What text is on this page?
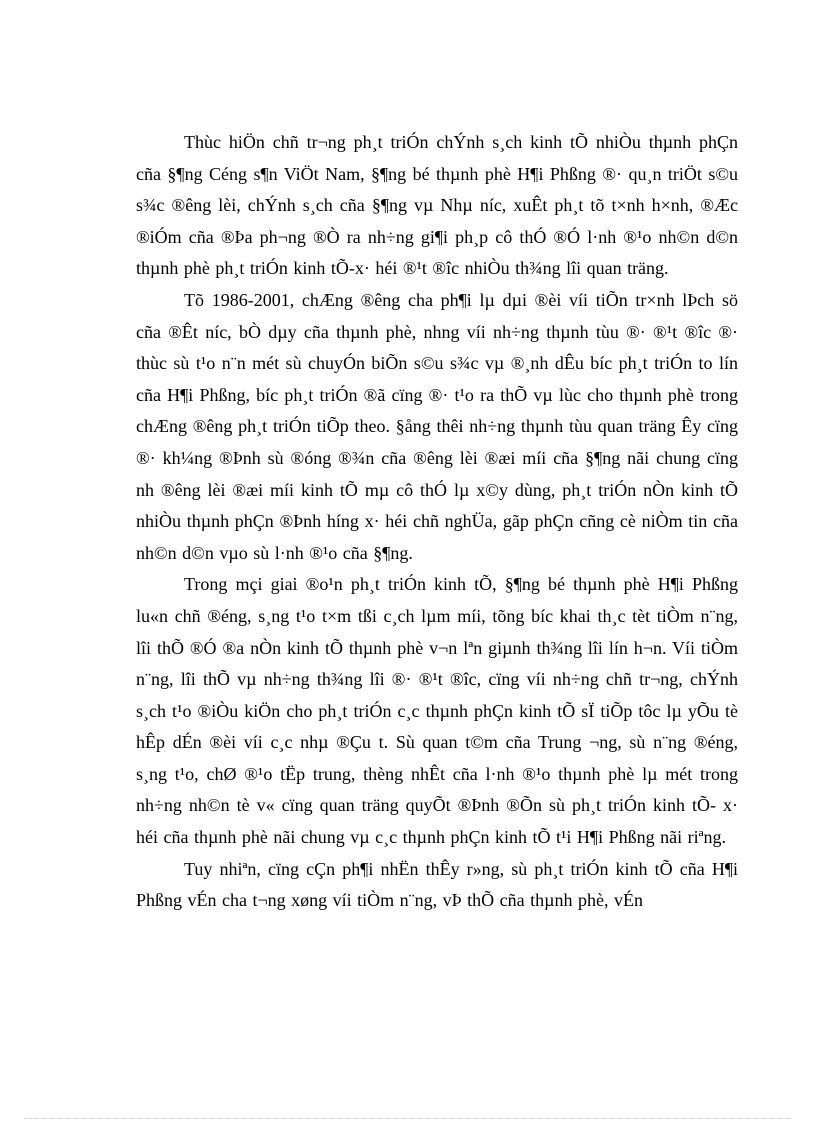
Thùc hiÖn chñ tr¬ng ph¸t triÓn chÝnh s¸ch kinh tÕ nhiÒu thµnh phÇn cña §¶ng Céng s¶n ViÖt Nam, §¶ng bé thµnh phè H¶i Phßng ®· qu¸n triÖt s©u s¾c ®êng lèi, chÝnh s¸ch cña §¶ng vµ Nhµ níc, xuÊt ph¸t tõ t×nh h×nh, ®Æc ®iÓm cña ®Þa ph¬ng ®Ò ra nh÷ng gi¶i ph¸p cô thÓ ®Ó l·nh ®¹o nh©n d©n thµnh phè ph¸t triÓn kinh tÕ-x· héi ®¹t ®îc nhiÒu th¾ng lîi quan träng.

Tõ 1986-2001, chÆng ®êng cha ph¶i lµ dµi ®èi víi tiÕn tr×nh lÞch sö cña ®Êt níc, bÒ dµy cña thµnh phè, nhng víi nh÷ng thµnh tùu ®· ®¹t ®îc ®· thùc sù t¹o n¨n mét sù chuyÓn biÕn s©u s¾c vµ ®¸nh dÊu bíc ph¸t triÓn to lín cña H¶i Phßng, bíc ph¸t triÓn ®ã cïng ®· t¹o ra thÕ vµ lùc cho thµnh phè trong chÆng ®êng ph¸t triÓn tiÕp theo. §ång thêi nh÷ng thµnh tùu quan träng Êy cïng ®· kh¼ng ®Þnh sù ®óng ®¾n cña ®êng lèi ®æi míi cña §¶ng nãi chung cïng nh ®êng lèi ®æi míi kinh tÕ mµ cô thÓ lµ x©y dùng, ph¸t triÓn nÒn kinh tÕ nhiÒu thµnh phÇn ®Þnh híng x· héi chñ nghÜa, gãp phÇn cñng cè niÒm tin cña nh©n d©n vµo sù l·nh ®¹o cña §¶ng.

Trong mçi giai ®o¹n ph¸t triÓn kinh tÕ, §¶ng bé thµnh phè H¶i Phßng lu«n chñ ®éng, s¸ng t¹o t×m tßi c¸ch lµm míi, tõng bíc khai th¸c tèt tiÒm n¨ng, lîi thÕ ®Ó ®a nÒn kinh tÕ thµnh phè v¬n lªn giµnh th¾ng lîi lín h¬n. Víi tiÒm n¨ng, lîi thÕ vµ nh÷ng th¾ng lîi ®· ®¹t ®îc, cïng víi nh÷ng chñ tr¬ng, chÝnh s¸ch t¹o ®iÒu kiÖn cho ph¸t triÓn c¸c thµnh phÇn kinh tÕ sÏ tiÕp tôc lµ yÕu tè hÊp dÉn ®èi víi c¸c nhµ ®Çu t. Sù quan t©m cña Trung ¬ng, sù n¨ng ®éng, s¸ng t¹o, chØ ®¹o tËp trung, thèng nhÊt cña l·nh ®¹o thµnh phè lµ mét trong nh÷ng nh©n tè v« cïng quan träng quyÕt ®Þnh ®Õn sù ph¸t triÓn kinh tÕ- x· héi cña thµnh phè nãi chung vµ c¸c thµnh phÇn kinh tÕ t¹i H¶i Phßng nãi riªng.

Tuy nhiªn, cïng cÇn ph¶i nhËn thÊy r»ng, sù ph¸t triÓn kinh tÕ cña H¶i Phßng vÉn cha t¬ng xøng víi tiÒm n¨ng, vÞ thÕ cña thµnh phè, vÉn
